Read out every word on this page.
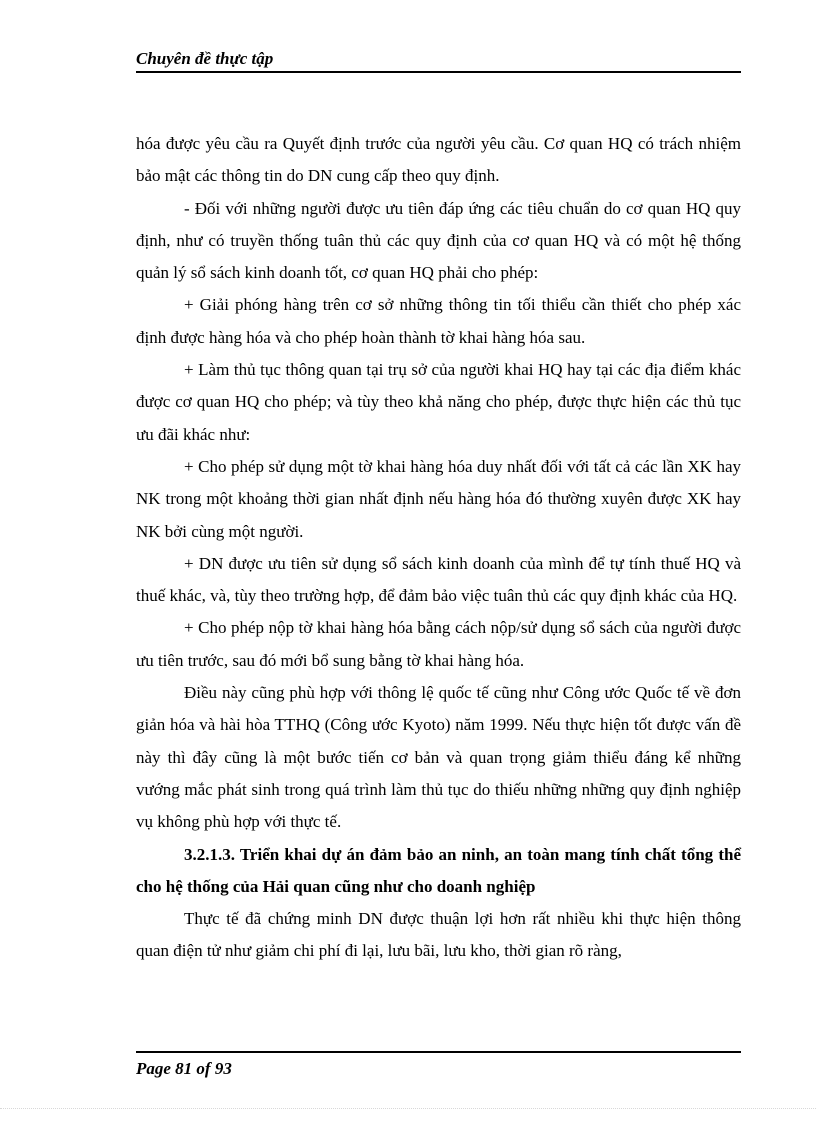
Chuyên đề thực tập

hóa được yêu cầu ra Quyết định trước của người yêu cầu. Cơ quan HQ có trách nhiệm bảo mật các thông tin do DN cung cấp theo quy định.

- Đối với những người được ưu tiên đáp ứng các tiêu chuẩn do cơ quan HQ quy định, như có truyền thống tuân thủ các quy định của cơ quan HQ và có một hệ thống quản lý sổ sách kinh doanh tốt, cơ quan HQ phải cho phép:

+ Giải phóng hàng trên cơ sở những thông tin tối thiểu cần thiết cho phép xác định được hàng hóa và cho phép hoàn thành tờ khai hàng hóa sau.

+ Làm thủ tục thông quan tại trụ sở của người khai HQ hay tại các địa điểm khác được cơ quan HQ cho phép; và tùy theo khả năng cho phép, được thực hiện các thủ tục ưu đãi khác như:

+ Cho phép sử dụng một tờ khai hàng hóa duy nhất đối với tất cả các lần XK hay NK trong một khoảng thời gian nhất định nếu hàng hóa đó thường xuyên được XK hay NK bởi cùng một người.

+ DN được ưu tiên sử dụng sổ sách kinh doanh của mình để tự tính thuế HQ và thuế khác, và, tùy theo trường hợp, để đảm bảo việc tuân thủ các quy định khác của HQ.

+ Cho phép nộp tờ khai hàng hóa bằng cách nộp/sử dụng sổ sách của người được ưu tiên trước, sau đó mới bổ sung bằng tờ khai hàng hóa.

Điều này cũng phù hợp với thông lệ quốc tế cũng như Công ước Quốc tế về đơn giản hóa và hài hòa TTHQ (Công ước Kyoto) năm 1999. Nếu thực hiện tốt được vấn đề này thì đây cũng là một bước tiến cơ bản và quan trọng giảm thiểu đáng kể những vướng mắc phát sinh trong quá trình làm thủ tục do thiếu những những quy định nghiệp vụ không phù hợp với thực tế.

3.2.1.3. Triển khai dự án đảm bảo an ninh, an toàn mang tính chất tổng thể cho hệ thống của Hải quan cũng như cho doanh nghiệp

Thực tế đã chứng minh DN được thuận lợi hơn rất nhiều khi thực hiện thông quan điện tử như giảm chi phí đi lại, lưu bãi, lưu kho, thời gian rõ ràng,

Page 81 of 93
